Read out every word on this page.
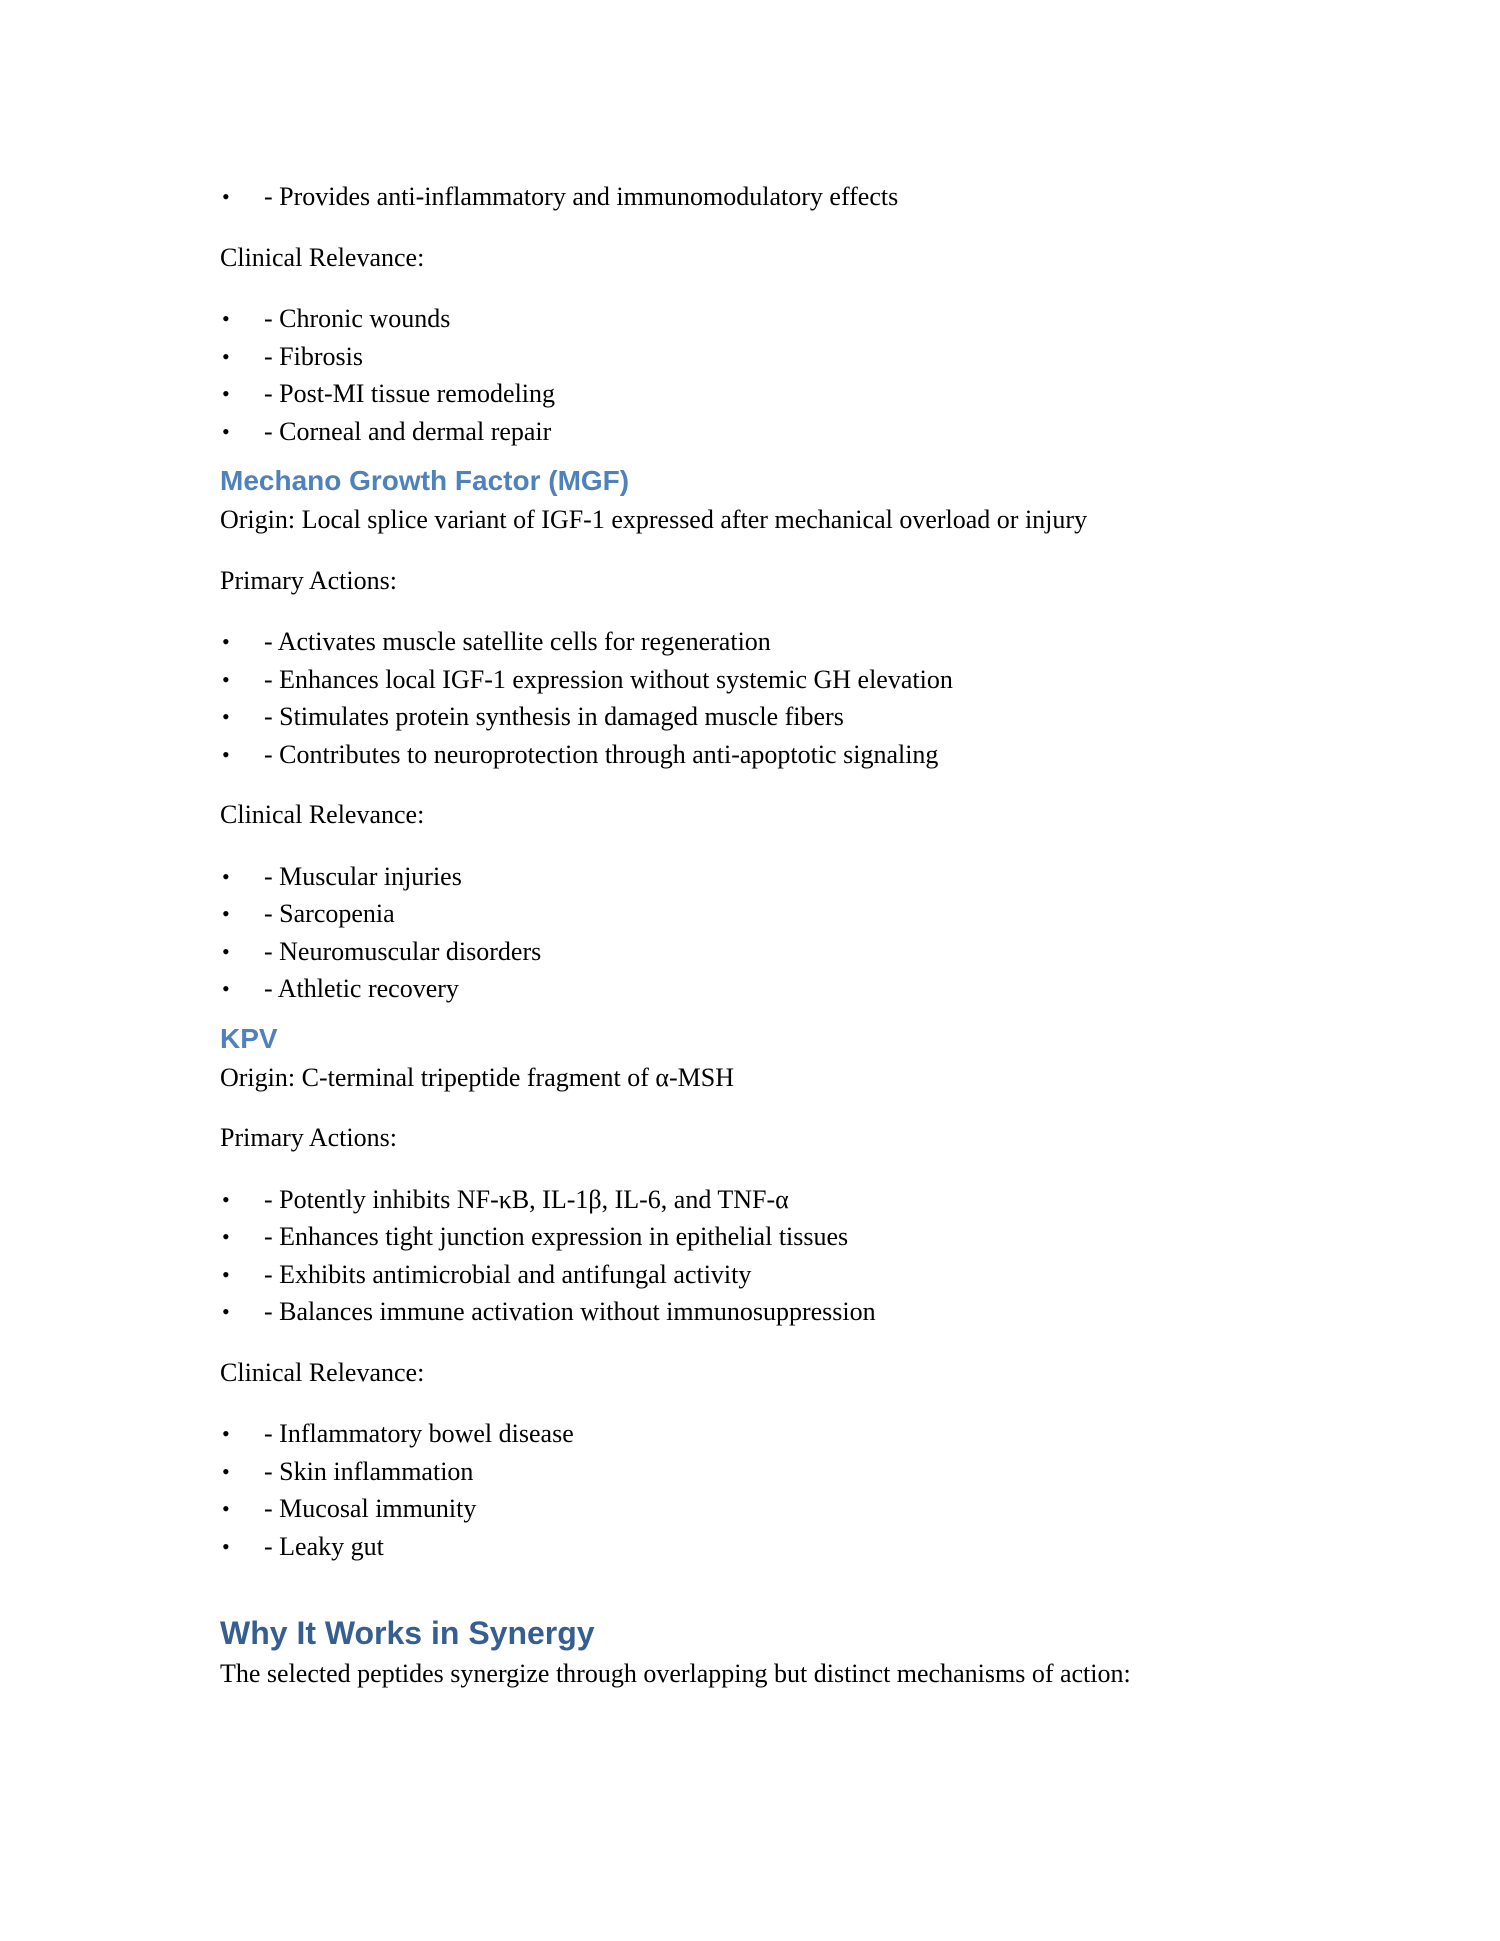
• - Provides anti-inflammatory and immunomodulatory effects

Clinical Relevance:

• - Chronic wounds
• - Fibrosis
• - Post-MI tissue remodeling
• - Corneal and dermal repair
Mechano Growth Factor (MGF)

Origin: Local splice variant of IGF-1 expressed after mechanical overload or injury

Primary Actions:

• - Activates muscle satellite cells for regeneration
• - Enhances local IGF-1 expression without systemic GH elevation
• - Stimulates protein synthesis in damaged muscle fibers
• - Contributes to neuroprotection through anti-apoptotic signaling

Clinical Relevance:

• - Muscular injuries
• - Sarcopenia
• - Neuromuscular disorders
• - Athletic recovery
KPV

Origin: C-terminal tripeptide fragment of α-MSH

Primary Actions:

• - Potently inhibits NF-κB, IL-1β, IL-6, and TNF-α
• - Enhances tight junction expression in epithelial tissues
• - Exhibits antimicrobial and antifungal activity
• - Balances immune activation without immunosuppression

Clinical Relevance:

• - Inflammatory bowel disease
• - Skin inflammation
• - Mucosal immunity
• - Leaky gut
Why It Works in Synergy

The selected peptides synergize through overlapping but distinct mechanisms of action:
